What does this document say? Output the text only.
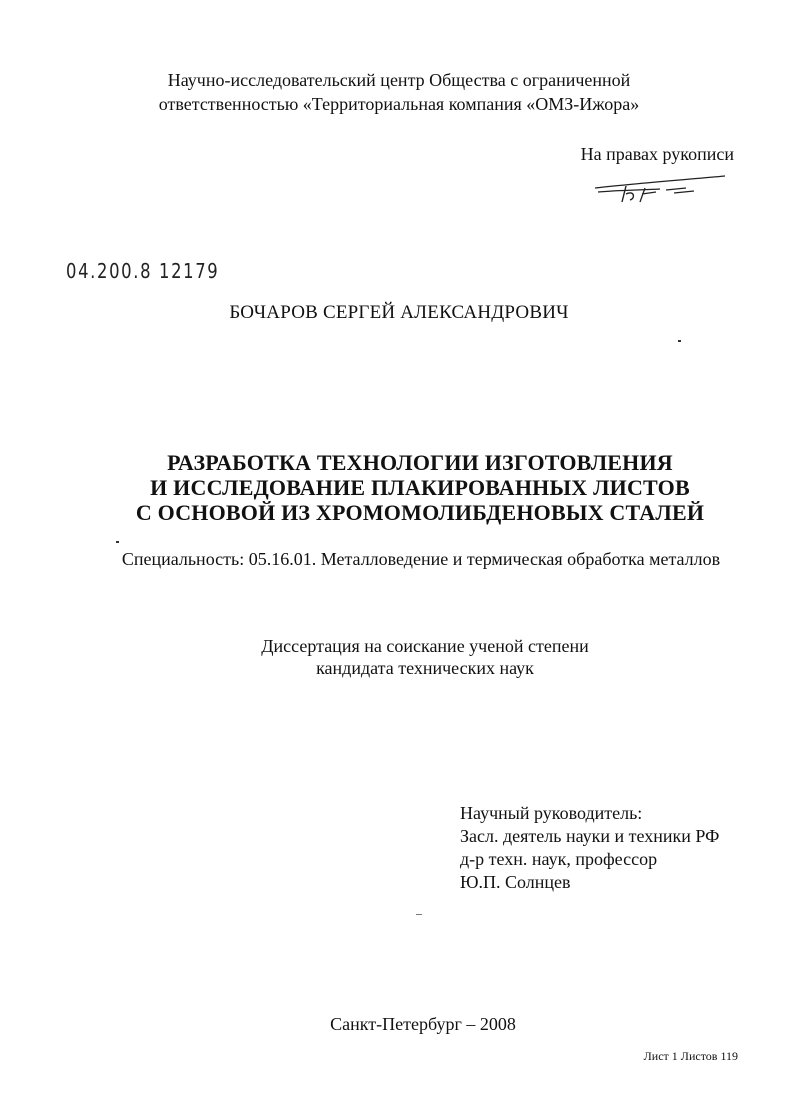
Научно-исследовательский центр Общества с ограниченной
ответственностью «Территориальная компания «ОМЗ-Ижора»
На правах рукописи
04.200.8 12179
БОЧАРОВ СЕРГЕЙ АЛЕКСАНДРОВИЧ
РАЗРАБОТКА ТЕХНОЛОГИИ ИЗГОТОВЛЕНИЯ
И ИССЛЕДОВАНИЕ ПЛАКИРОВАННЫХ ЛИСТОВ
С ОСНОВОЙ ИЗ ХРОМОМОЛИБДЕНОВЫХ СТАЛЕЙ
Специальность: 05.16.01. Металловедение и термическая обработка металлов
Диссертация на соискание ученой степени
кандидата технических наук
Научный руководитель:
Засл. деятель науки и техники РФ
д-р техн. наук, профессор
Ю.П. Солнцев
Санкт-Петербург – 2008
Лист 1 Листов 119
